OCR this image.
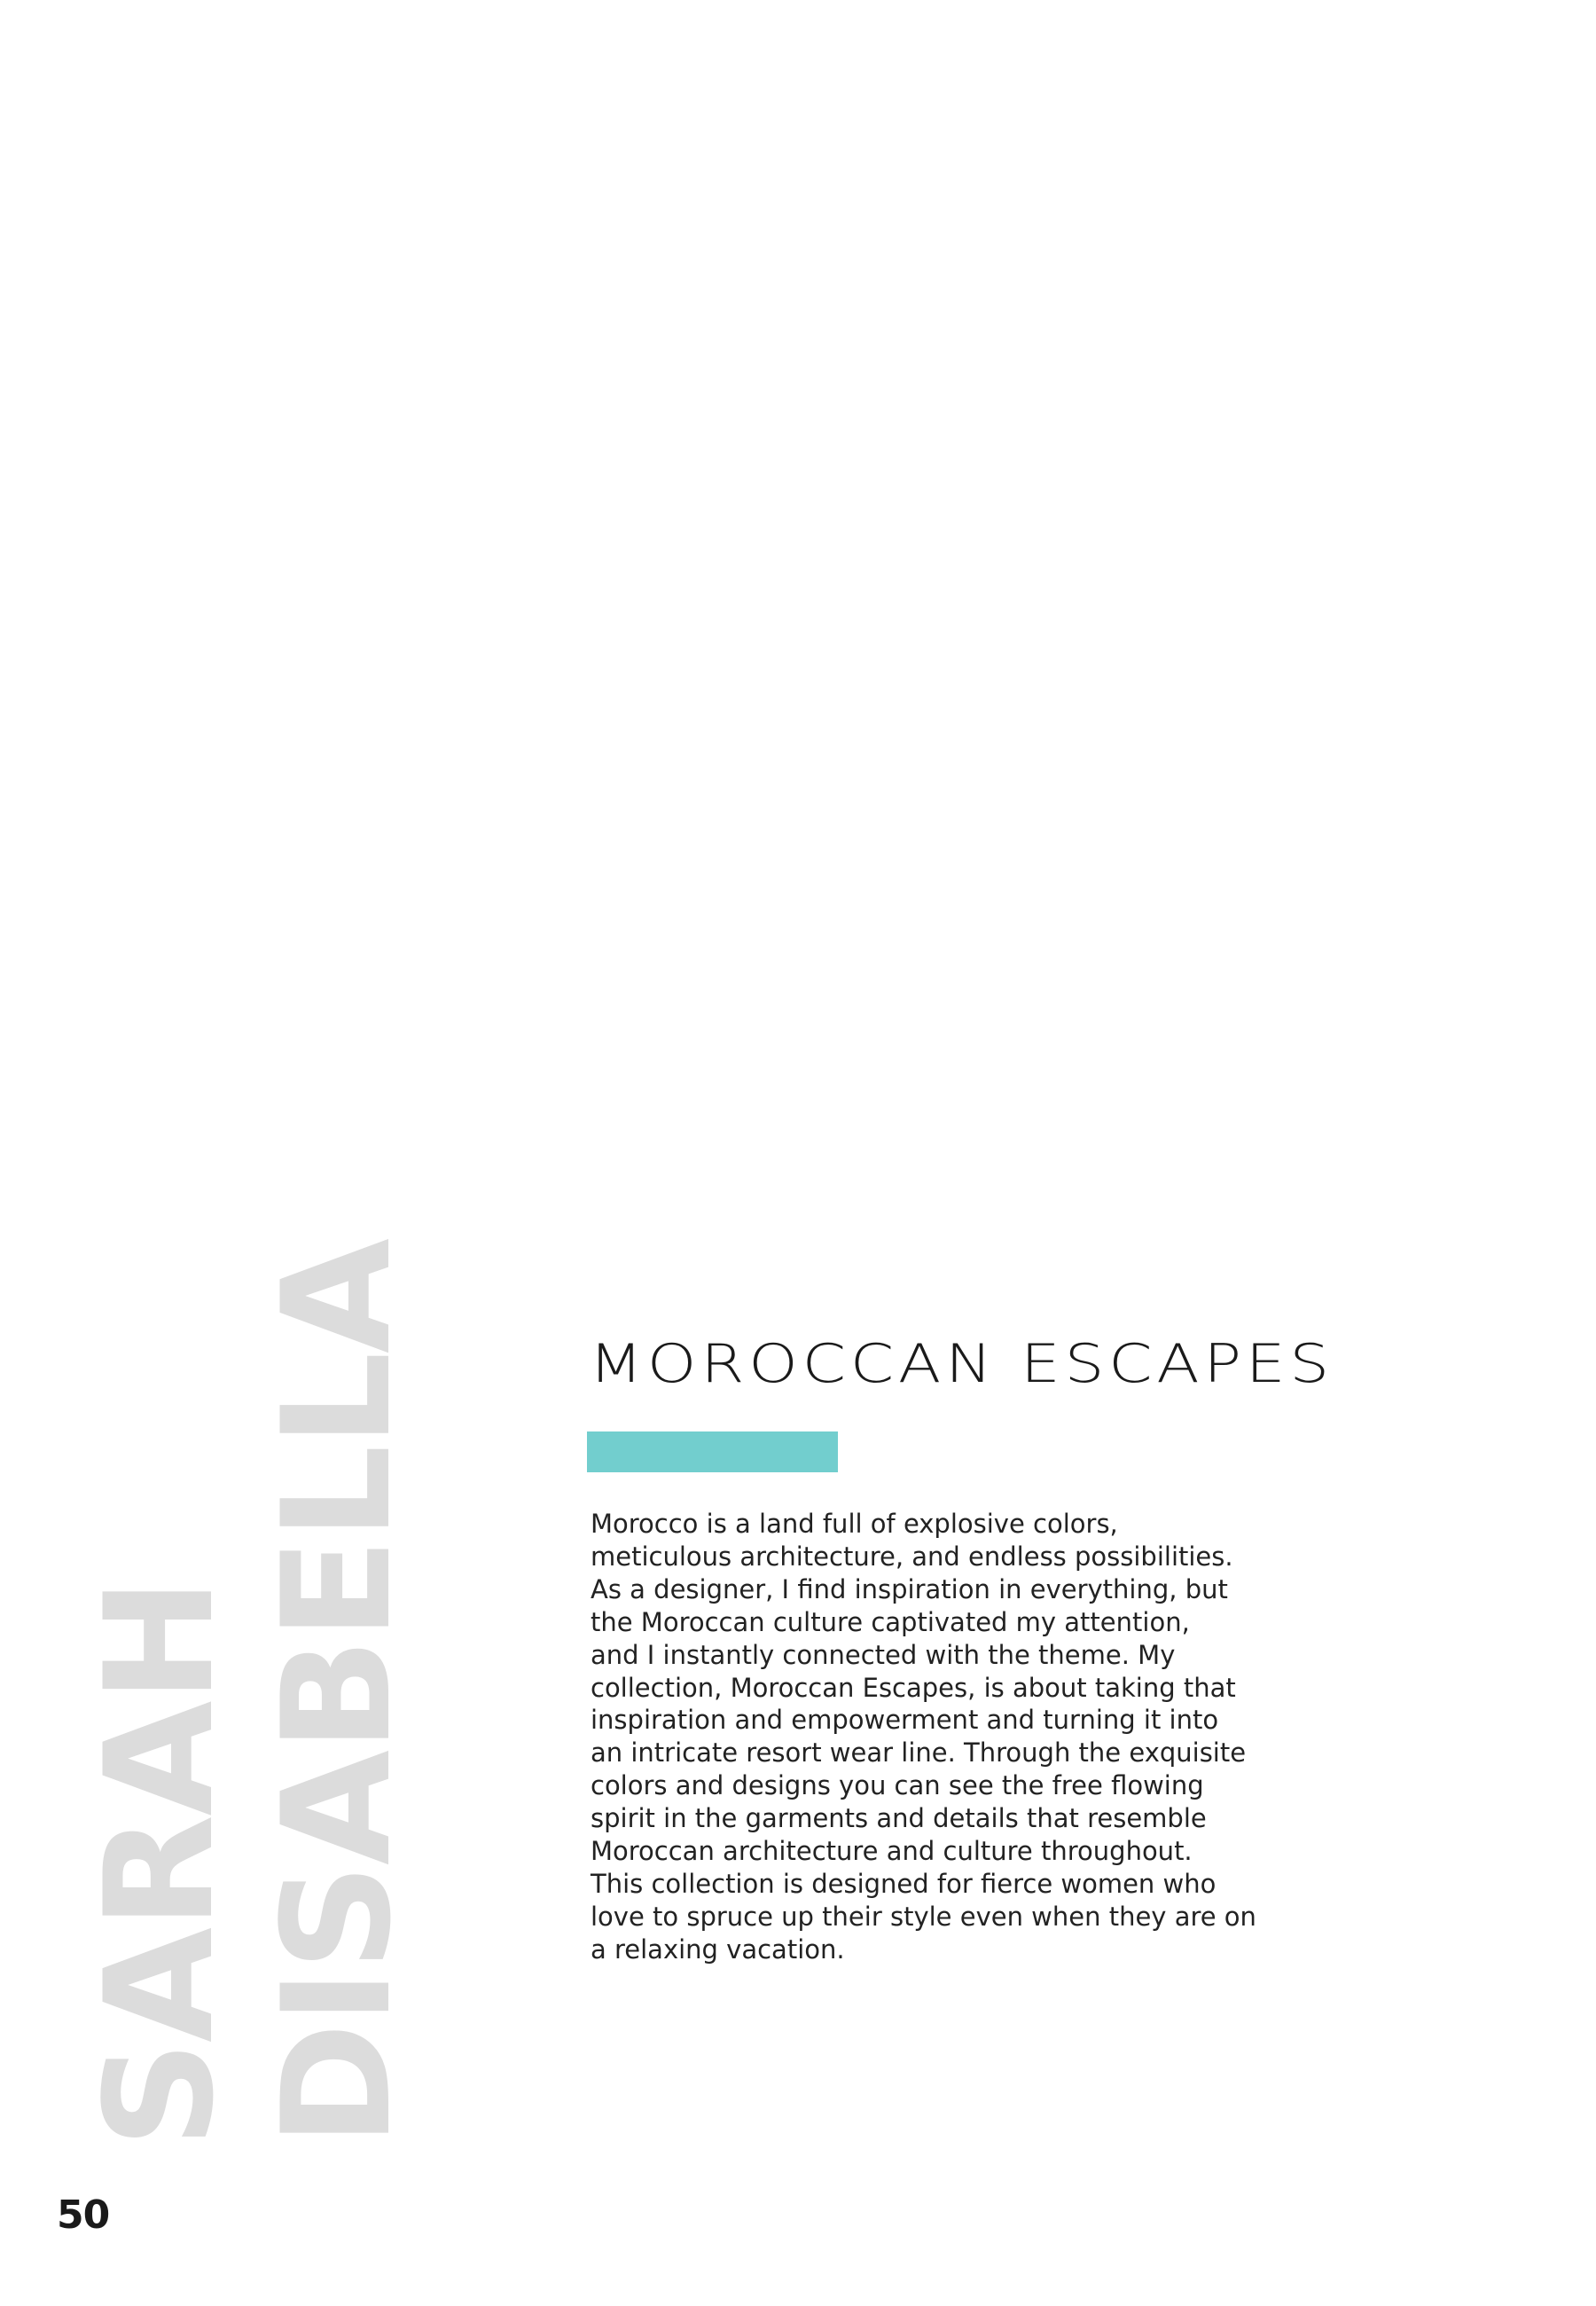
SARAH DISABELLA
50
MOROCCAN ESCAPES
Morocco is a land full of explosive colors,
meticulous architecture, and endless possibilities.
As a designer, I find inspiration in everything, but
the Moroccan culture captivated my attention,
and I instantly connected with the theme. My
collection, Moroccan Escapes, is about taking that
inspiration and empowerment and turning it into
an intricate resort wear line. Through the exquisite
colors and designs you can see the free flowing
spirit in the garments and details that resemble
Moroccan architecture and culture throughout.
This collection is designed for fierce women who
love to spruce up their style even when they are on
a relaxing vacation.
